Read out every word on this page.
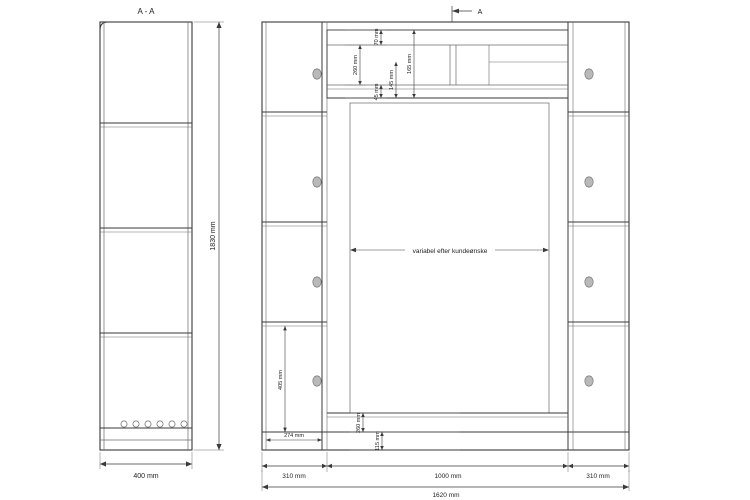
A - A
1830 mm
400 mm
variabel efter kundeønske
A
70 mm
260 mm
45 mm
145 mm
165 mm
405 mm
274 mm
260 mm
115 mm
310 mm	1000 mm	310 mm
1620 mm
